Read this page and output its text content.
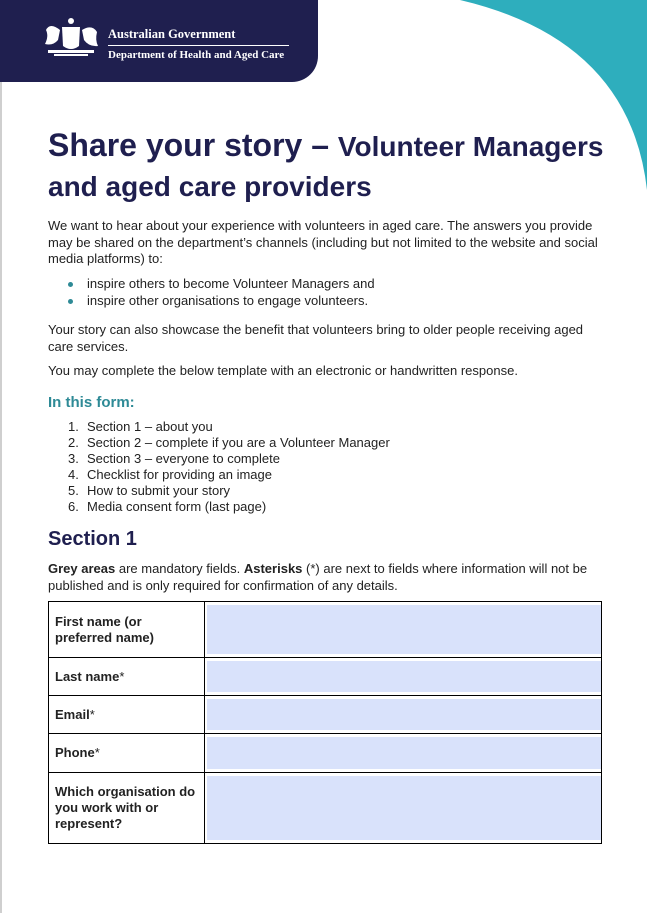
Australian Government
Department of Health and Aged Care
Share your story – Volunteer Managers and aged care providers

We want to hear about your experience with volunteers in aged care. The answers you provide may be shared on the department’s channels (including but not limited to the website and social media platforms) to:

inspire others to become Volunteer Managers and
inspire other organisations to engage volunteers.

Your story can also showcase the benefit that volunteers bring to older people receiving aged care services.

You may complete the below template with an electronic or handwritten response.

In this form:
1. Section 1 – about you
2. Section 2 – complete if you are a Volunteer Manager
3. Section 3 – everyone to complete
4. Checklist for providing an image
5. How to submit your story
6. Media consent form (last page)
Section 1

Grey areas are mandatory fields. Asterisks (*) are next to fields where information will not be published and is only required for confirmation of any details.

First name (or preferred name)	

Last name*	

Email*	

Phone*	

Which organisation do you work with or represent?	
